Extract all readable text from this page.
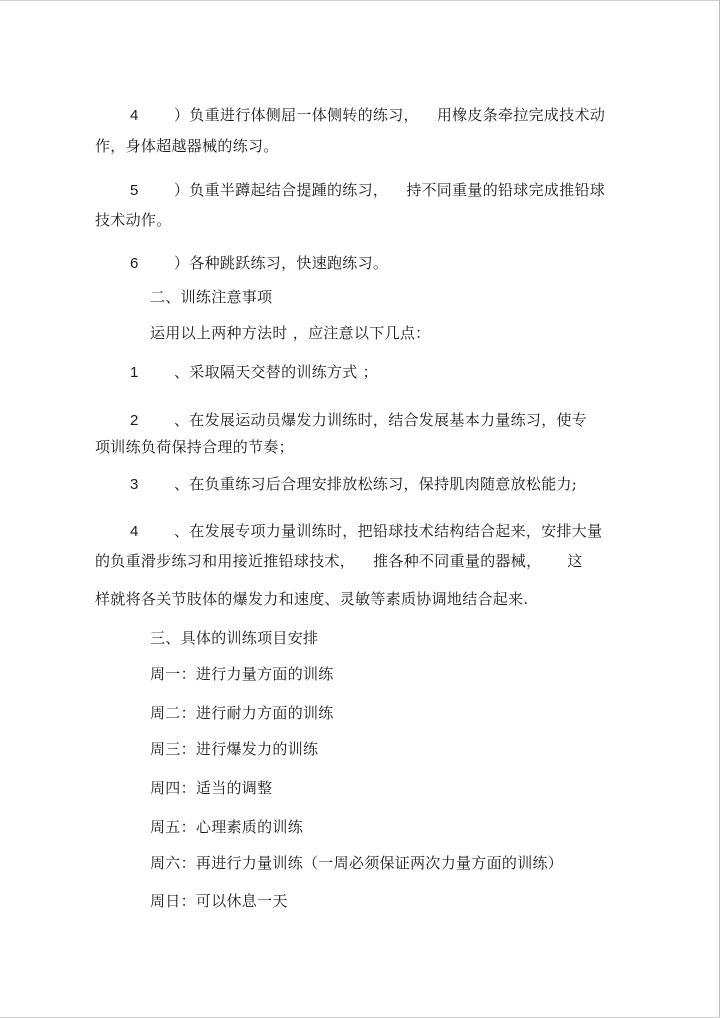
4 ）负重进行体侧屈一体侧转的练习， 用橡皮条牵拉完成技术动

作，身体超越器械的练习。

5 ）负重半蹲起结合提踵的练习， 持不同重量的铅球完成推铅球

技术动作。

6 ）各种跳跃练习，快速跑练习。

二、训练注意事项

运用以上两种方法时 ，应注意以下几点：

1 、采取隔天交替的训练方式 ；

2 、在发展运动员爆发力训练时，结合发展基本力量练习，使专

项训练负荷保持合理的节奏；

3 、在负重练习后合理安排放松练习，保持肌肉随意放松能力;

4 、在发展专项力量训练时，把铅球技术结构结合起来，安排大量

的负重滑步练习和用接近推铅球技术， 推各种不同重量的器械， 这

样就将各关节肢体的爆发力和速度、灵敏等素质协调地结合起来.

三、具体的训练项目安排

周一：进行力量方面的训练

周二：进行耐力方面的训练

周三：进行爆发力的训练

周四：适当的调整

周五：心理素质的训练

周六：再进行力量训练（一周必须保证两次力量方面的训练）

周日：可以休息一天
